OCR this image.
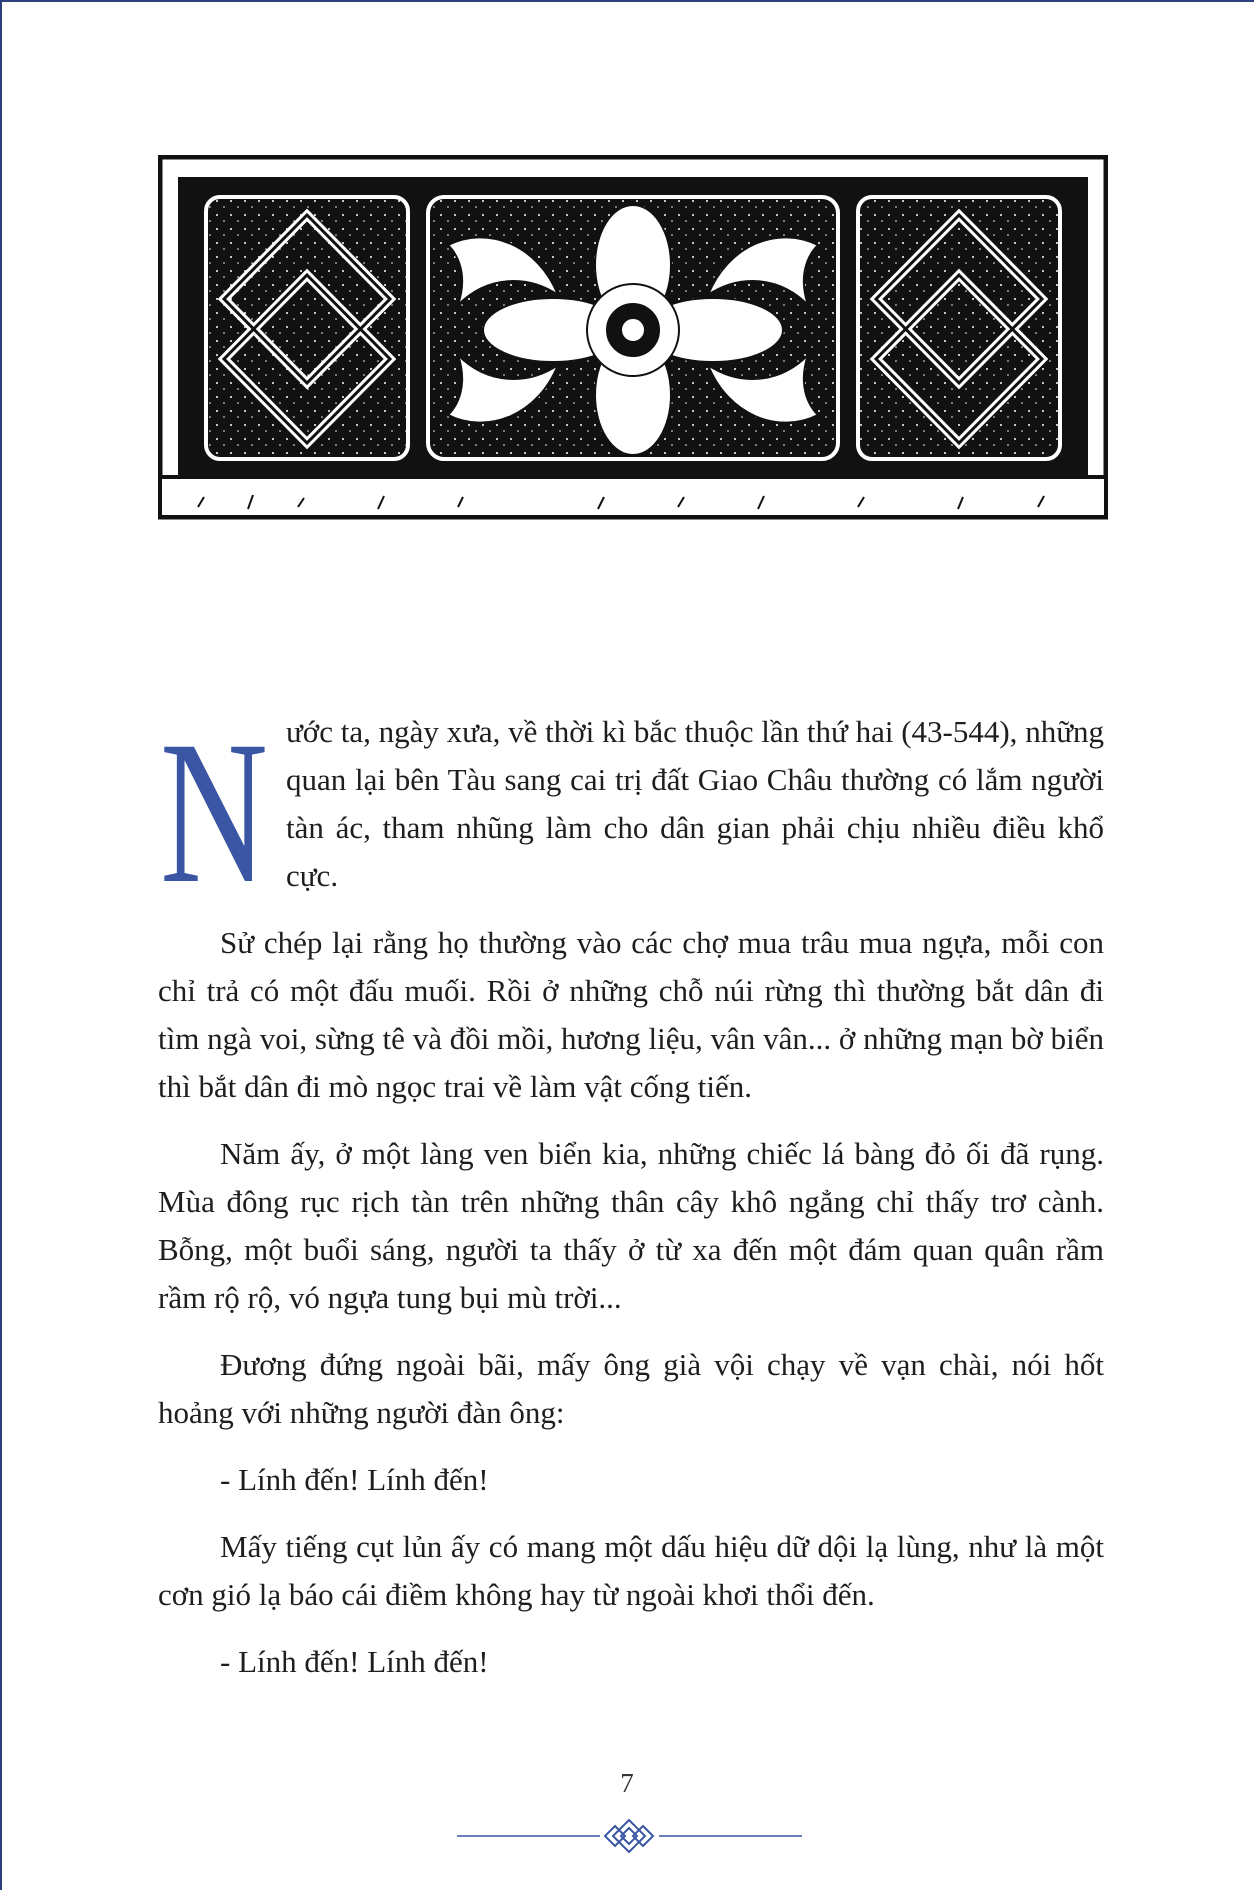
N ước ta, ngày xưa, về thời kì bắc thuộc lần thứ hai (43-544), những quan lại bên Tàu sang cai trị đất Giao Châu thường có lắm người tàn ác, tham nhũng làm cho dân gian phải chịu nhiều điều khổ cực.

Sử chép lại rằng họ thường vào các chợ mua trâu mua ngựa, mỗi con chỉ trả có một đấu muối. Rồi ở những chỗ núi rừng thì thường bắt dân đi tìm ngà voi, sừng tê và đồi mồi, hương liệu, vân vân... ở những mạn bờ biển thì bắt dân đi mò ngọc trai về làm vật cống tiến.

Năm ấy, ở một làng ven biển kia, những chiếc lá bàng đỏ ối đã rụng. Mùa đông rục rịch tàn trên những thân cây khô ngẳng chỉ thấy trơ cành. Bỗng, một buổi sáng, người ta thấy ở từ xa đến một đám quan quân rầm rầm rộ rộ, vó ngựa tung bụi mù trời...

Đương đứng ngoài bãi, mấy ông già vội chạy về vạn chài, nói hốt hoảng với những người đàn ông:

- Lính đến! Lính đến!

Mấy tiếng cụt lủn ấy có mang một dấu hiệu dữ dội lạ lùng, như là một cơn gió lạ báo cái điềm không hay từ ngoài khơi thổi đến.

- Lính đến! Lính đến!

7
